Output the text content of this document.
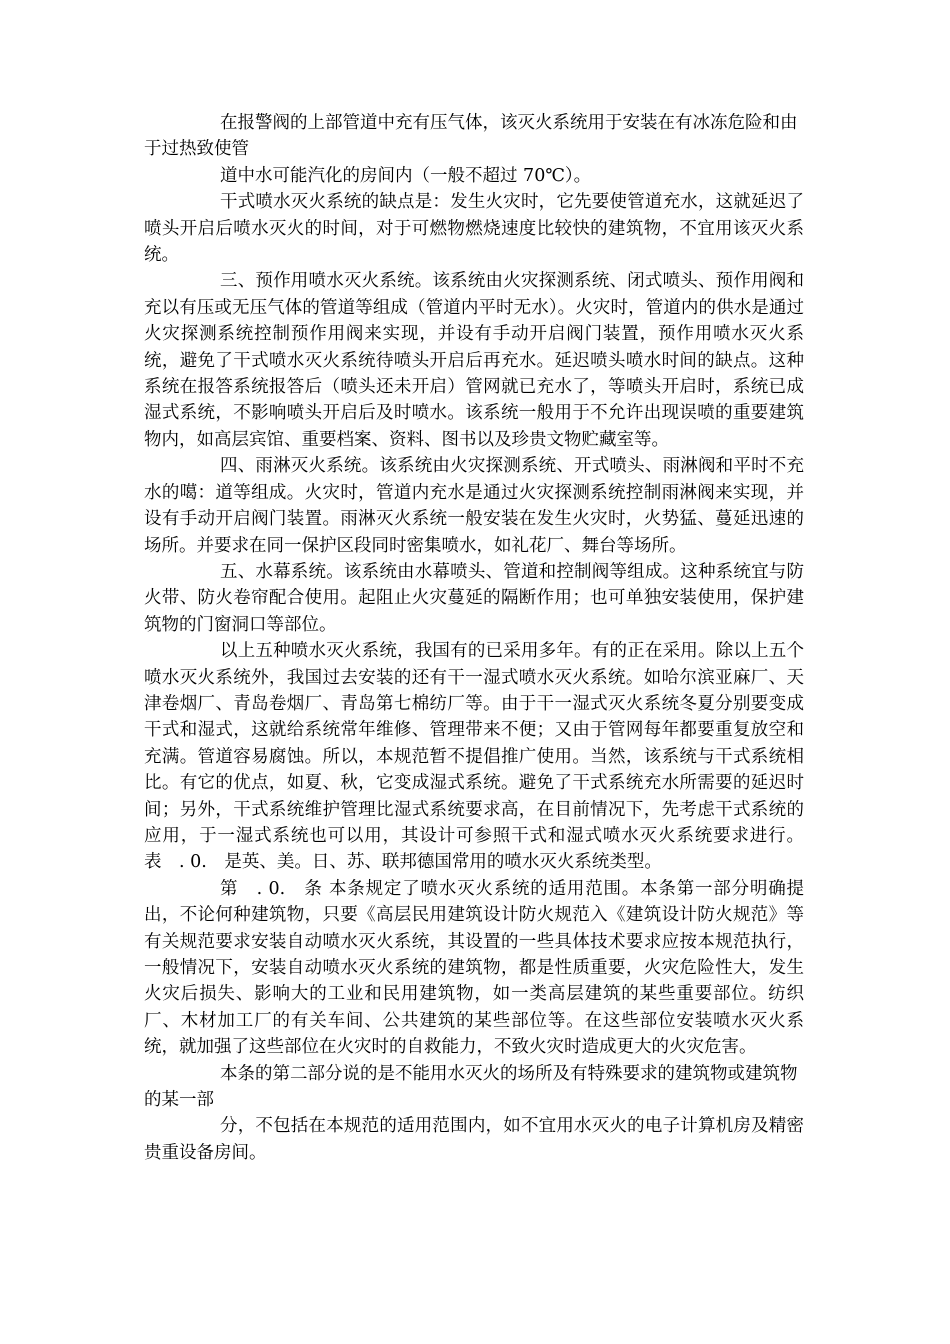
在报警阀的上部管道中充有压气体，该灭火系统用于安装在有冰冻危险和由于过热致使管

道中水可能汽化的房间内（一般不超过 70℃）。

干式喷水灭火系统的缺点是：发生火灾时，它先要使管道充水，这就延迟了喷头开启后喷水灭火的时间，对于可燃物燃烧速度比较快的建筑物，不宜用该灭火系统。

三、预作用喷水灭火系统。该系统由火灾探测系统、闭式喷头、预作用阀和充以有压或无压气体的管道等组成（管道内平时无水）。火灾时，管道内的供水是通过火灾探测系统控制预作用阀来实现，并设有手动开启阀门装置，预作用喷水灭火系统，避免了干式喷水灭火系统待喷头开启后再充水。延迟喷头喷水时间的缺点。这种系统在报答系统报答后（喷头还未开启）管网就已充水了，等喷头开启时，系统已成湿式系统，不影响喷头开启后及时喷水。该系统一般用于不允许出现误喷的重要建筑物内，如高层宾馆、重要档案、资料、图书以及珍贵文物贮藏室等。

四、雨淋灭火系统。该系统由火灾探测系统、开式喷头、雨淋阀和平时不充水的噶：道等组成。火灾时，管道内充水是通过火灾探测系统控制雨淋阀来实现，并设有手动开启阀门装置。雨淋灭火系统一般安装在发生火灾时，火势猛、蔓延迅速的场所。并要求在同一保护区段同时密集喷水，如礼花厂、舞台等场所。

五、水幕系统。该系统由水幕喷头、管道和控制阀等组成。这种系统宜与防火带、防火卷帘配合使用。起阻止火灾蔓延的隔断作用；也可单独安装使用，保护建筑物的门窗洞口等部位。

以上五种喷水灭火系统，我国有的已采用多年。有的正在采用。除以上五个喷水灭火系统外，我国过去安装的还有干一湿式喷水灭火系统。如哈尔滨亚麻厂、天津卷烟厂、青岛卷烟厂、青岛第七棉纺厂等。由于干一湿式灭火系统冬夏分别要变成干式和湿式，这就给系统常年维修、管理带来不便；又由于管网每年都要重复放空和充满。管道容易腐蚀。所以，本规范暂不提倡推广使用。当然，该系统与干式系统相比。有它的优点，如夏、秋，它变成湿式系统。避免了干式系统充水所需要的延迟时间；另外，干式系统维护管理比湿式系统要求高，在目前情况下，先考虑干式系统的应用，于一湿式系统也可以用，其设计可参照干式和湿式喷水灭火系统要求进行。表　. 0.　是英、美。日、苏、联邦德国常用的喷水灭火系统类型。

第　. 0.　条 本条规定了喷水灭火系统的适用范围。本条第一部分明确提出，不论何种建筑物，只要《高层民用建筑设计防火规范入《建筑设计防火规范》等有关规范要求安装自动喷水灭火系统，其设置的一些具体技术要求应按本规范执行，一般情况下，安装自动喷水灭火系统的建筑物，都是性质重要，火灾危险性大，发生火灾后损失、影响大的工业和民用建筑物，如一类高层建筑的某些重要部位。纺织厂、木材加工厂的有关车间、公共建筑的某些部位等。在这些部位安装喷水灭火系统，就加强了这些部位在火灾时的自救能力，不致火灾时造成更大的火灾危害。

本条的第二部分说的是不能用水灭火的场所及有特殊要求的建筑物或建筑物的某一部

分，不包括在本规范的适用范围内，如不宜用水灭火的电子计算机房及精密贵重设备房间。
